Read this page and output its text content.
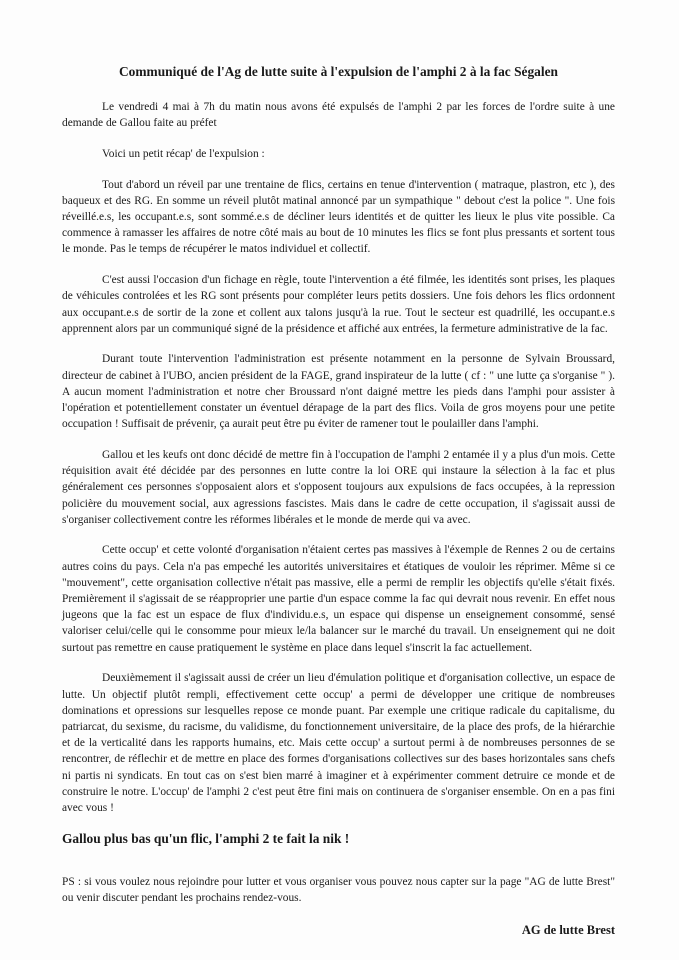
Communiqué de l'Ag de lutte suite à l'expulsion de l'amphi 2 à la fac Ségalen

Le vendredi 4 mai à 7h du matin nous avons été expulsés de l'amphi 2 par les forces de l'ordre suite à une demande de Gallou faite au préfet

Voici un petit récap' de l'expulsion :

Tout d'abord un réveil par une trentaine de flics, certains en tenue d'intervention ( matraque, plastron, etc ), des baqueux et des RG. En somme un réveil plutôt matinal annoncé par un sympathique " debout c'est la police ". Une fois réveillé.e.s, les occupant.e.s, sont sommé.e.s de décliner leurs identités et de quitter les lieux le plus vite possible. Ca commence à ramasser les affaires de notre côté mais au bout de 10 minutes les flics se font plus pressants et sortent tous le monde. Pas le temps de récupérer le matos individuel et collectif.

C'est aussi l'occasion d'un fichage en règle, toute l'intervention a été filmée, les identités sont prises, les plaques de véhicules controlées et les RG sont présents pour compléter leurs petits dossiers. Une fois dehors les flics ordonnent aux occupant.e.s de sortir de la zone et collent aux talons jusqu'à la rue. Tout le secteur est quadrillé, les occupant.e.s apprennent alors par un communiqué signé de la présidence et affiché aux entrées, la fermeture administrative de la fac.

Durant toute l'intervention l'administration est présente notamment en la personne de Sylvain Broussard, directeur de cabinet à l'UBO, ancien président de la FAGE, grand inspirateur de la lutte ( cf : " une lutte ça s'organise " ). A aucun moment l'administration et notre cher Broussard n'ont daigné mettre les pieds dans l'amphi pour assister à l'opération et potentiellement constater un éventuel dérapage de la part des flics. Voila de gros moyens pour une petite occupation ! Suffisait de prévenir, ça aurait peut être pu éviter de ramener tout le poulailler dans l'amphi.

Gallou et les keufs ont donc décidé de mettre fin à l'occupation de l'amphi 2 entamée il y a plus d'un mois. Cette réquisition avait été décidée par des personnes en lutte contre la loi ORE qui instaure la sélection à la fac et plus généralement ces personnes s'opposaient alors et s'opposent toujours aux expulsions de facs occupées, à la repression policière du mouvement social, aux agressions fascistes. Mais dans le cadre de cette occupation, il s'agissait aussi de s'organiser collectivement contre les réformes libérales et le monde de merde qui va avec.

Cette occup' et cette volonté d'organisation n'étaient certes pas massives à l'éxemple de Rennes 2 ou de certains autres coins du pays. Cela n'a pas empeché les autorités universitaires et étatiques de vouloir les réprimer. Même si ce "mouvement", cette organisation collective n'était pas massive, elle a permi de remplir les objectifs qu'elle s'était fixés. Premièrement il s'agissait de se réapproprier une partie d'un espace comme la fac qui devrait nous revenir. En effet nous jugeons que la fac est un espace de flux d'individu.e.s, un espace qui dispense un enseignement consommé, sensé valoriser celui/celle qui le consomme pour mieux le/la balancer sur le marché du travail. Un enseignement qui ne doit surtout pas remettre en cause pratiquement le système en place dans lequel s'inscrit la fac actuellement.

Deuxièmement il s'agissait aussi de créer un lieu d'émulation politique et d'organisation collective, un espace de lutte. Un objectif plutôt rempli, effectivement cette occup' a permi de développer une critique de nombreuses dominations et opressions sur lesquelles repose ce monde puant. Par exemple une critique radicale du capitalisme, du patriarcat, du sexisme, du racisme, du validisme, du fonctionnement universitaire, de la place des profs, de la hiérarchie et de la verticalité dans les rapports humains, etc. Mais cette occup' a surtout permi à de nombreuses personnes de se rencontrer, de réflechir et de mettre en place des formes d'organisations collectives sur des bases horizontales sans chefs ni partis ni syndicats. En tout cas on s'est bien marré à imaginer et à expérimenter comment detruire ce monde et de construire le notre. L'occup' de l'amphi 2 c'est peut être fini mais on continuera de s'organiser ensemble. On en a pas fini avec vous !

Gallou plus bas qu'un flic, l'amphi 2 te fait la nik !

PS : si vous voulez nous rejoindre pour lutter et vous organiser vous pouvez nous capter sur la page "AG de lutte Brest" ou venir discuter pendant les prochains rendez-vous.

AG de lutte Brest
